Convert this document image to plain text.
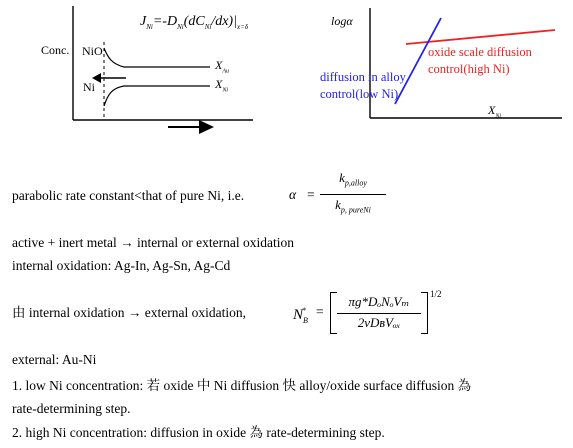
Conc. NiO
Ni
$X_{Au}$
$X_{Ni}$
$J_{Ni}=-D_{Ni}(dC_{Ni}/dx)|_{x=\delta}$	logα
$X_{Ni}$
oxide scale diffusion
control(high Ni)
diffusion in alloy
control(low Ni)
parabolic rate constant<that of pure Ni, i.e.	α =
$k_{p,alloy}$
$k_{p, pureNi}$
active + inert metal → internal or external oxidation
internal oxidation: Ag-In, Ag-Sn, Ag-Cd
由 internal oxidation → external oxidation,	$N_B^*$ =
πg*DₒNₒVₘ
2νDʙVₒₓ
1/2
external: Au-Ni
1. low Ni concentration: 若 oxide 中 Ni diffusion 快 alloy/oxide surface diffusion 為
rate-determining step.
2. high Ni concentration: diffusion in oxide 為 rate-determining step.
